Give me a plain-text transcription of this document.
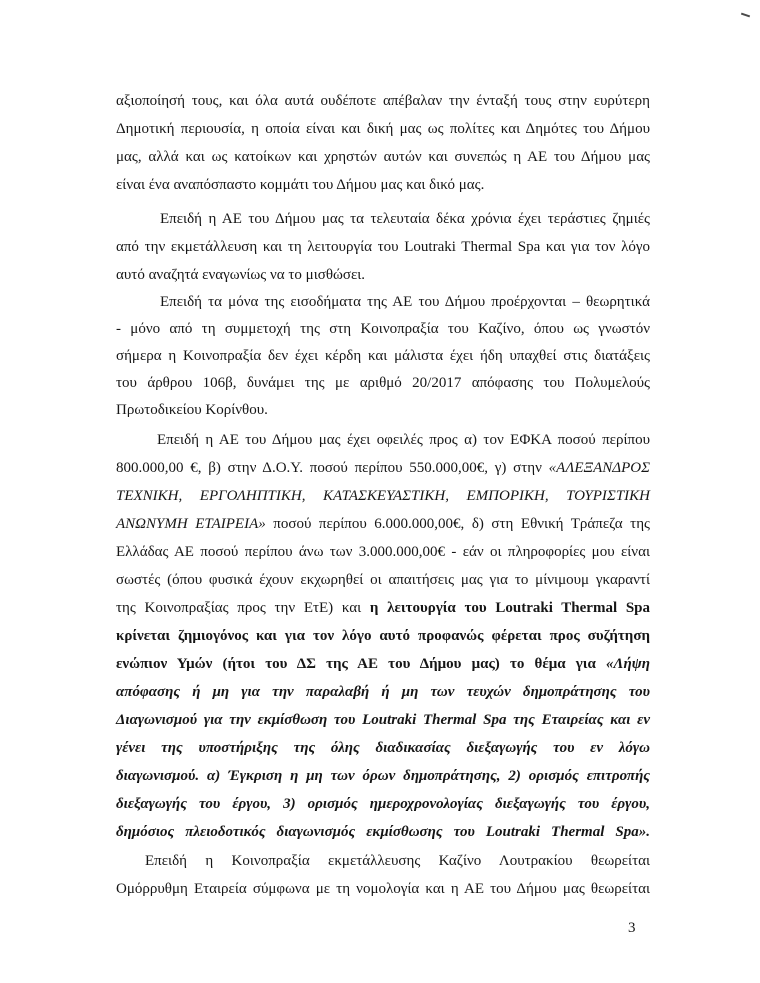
αξιοποίησή τους, και όλα αυτά ουδέποτε απέβαλαν την ένταξή τους στην ευρύτερη
Δημοτική περιουσία, η οποία είναι και δική μας ως πολίτες και Δημότες του Δήμου
μας, αλλά και ως κατοίκων και χρηστών αυτών και συνεπώς η ΑΕ του Δήμου μας
είναι ένα αναπόσπαστο κομμάτι του Δήμου μας και δικό μας.
Επειδή η ΑΕ του Δήμου μας τα τελευταία δέκα χρόνια έχει τεράστιες ζημιές
από την εκμετάλλευση και τη λειτουργία του Loutraki Thermal Spa και για τον λόγο
αυτό αναζητά εναγωνίως να το μισθώσει.
Επειδή τα μόνα της εισοδήματα της ΑΕ του Δήμου προέρχονται – θεωρητικά
- μόνο από τη συμμετοχή της στη Κοινοπραξία του Καζίνο, όπου ως γνωστόν
σήμερα η Κοινοπραξία δεν έχει κέρδη και μάλιστα έχει ήδη υπαχθεί στις διατάξεις
του άρθρου 106β, δυνάμει της με αριθμό 20/2017 απόφασης του Πολυμελούς
Πρωτοδικείου Κορίνθου.
Επειδή η ΑΕ του Δήμου μας έχει οφειλές προς α) τον ΕΦΚΑ ποσού περίπου
800.000,00 €, β) στην Δ.Ο.Υ. ποσού περίπου 550.000,00€, γ) στην «ΑΛΕΞΑΝΔΡΟΣ
ΤΕΧΝΙΚΗ, ΕΡΓΟΛΗΠΤΙΚΗ, ΚΑΤΑΣΚΕΥΑΣΤΙΚΗ, ΕΜΠΟΡΙΚΗ, ΤΟΥΡΙΣΤΙΚΗ
ΑΝΩΝΥΜΗ ΕΤΑΙΡΕΙΑ» ποσού περίπου 6.000.000,00€, δ) στη Εθνική Τράπεζα της
Ελλάδας ΑΕ ποσού περίπου άνω των 3.000.000,00€ - εάν οι πληροφορίες μου είναι
σωστές (όπου φυσικά έχουν εκχωρηθεί οι απαιτήσεις μας για το μίνιμουμ γκαραντί
της Κοινοπραξίας προς την ΕτΕ) και η λειτουργία του Loutraki Thermal Spa
κρίνεται ζημιογόνος και για τον λόγο αυτό προφανώς φέρεται προς συζήτηση
ενώπιον Υμών (ήτοι του ΔΣ της ΑΕ του Δήμου μας) το θέμα για «Λήψη
απόφασης ή μη για την παραλαβή ή μη των τευχών δημοπράτησης του
Διαγωνισμού για την εκμίσθωση του Loutraki Thermal Spa της Εταιρείας και εν
γένει της υποστήριξης της όλης διαδικασίας διεξαγωγής του εν λόγω
διαγωνισμού. α) Έγκριση η μη των όρων δημοπράτησης, 2) ορισμός επιτροπής
διεξαγωγής του έργου, 3) ορισμός ημεροχρονολογίας διεξαγωγής του έργου,
δημόσιος πλειοδοτικός διαγωνισμός εκμίσθωσης του Loutraki Thermal Spa».
Επειδή η Κοινοπραξία εκμετάλλευσης Καζίνο Λουτρακίου θεωρείται
Ομόρρυθμη Εταιρεία σύμφωνα με τη νομολογία και η ΑΕ του Δήμου μας θεωρείται
3
